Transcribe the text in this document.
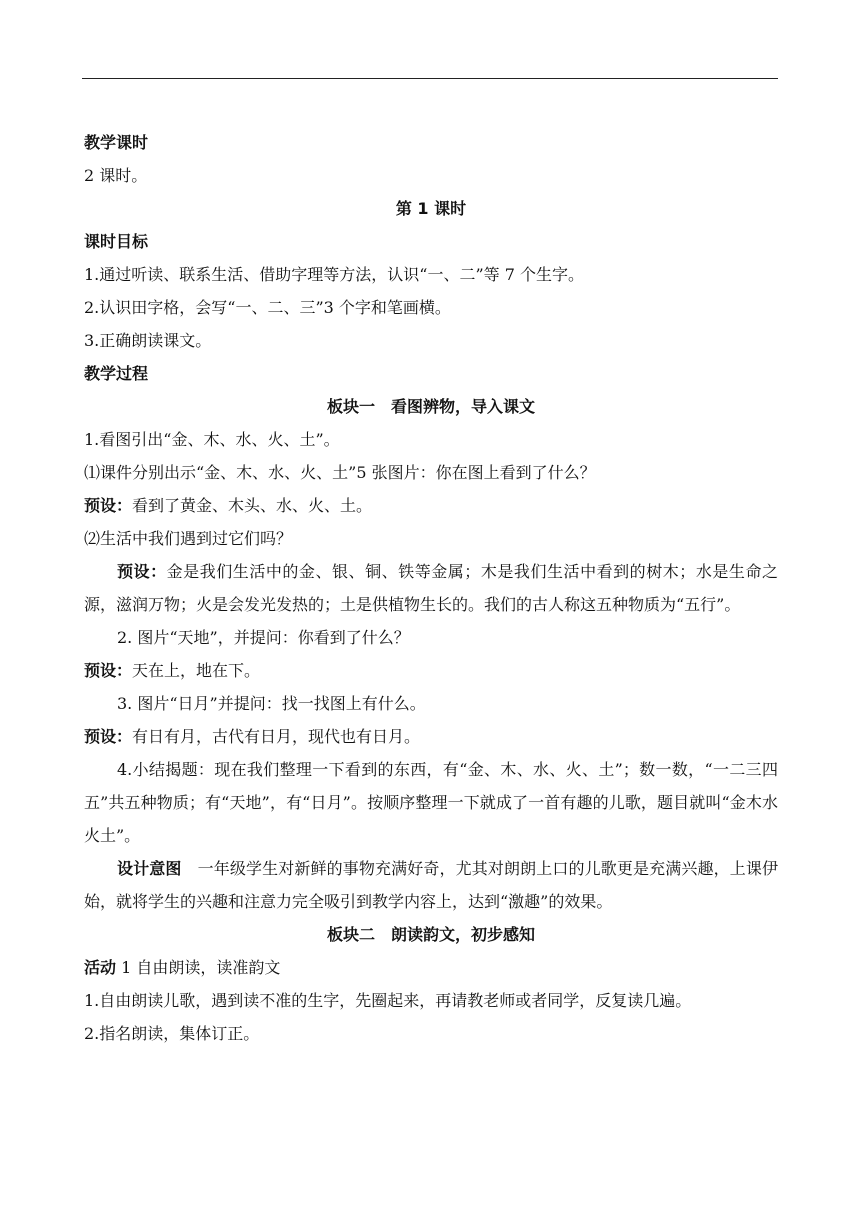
教学课时

2 课时。

第 1 课时

课时目标

1.通过听读、联系生活、借助字理等方法，认识“一、二”等 7 个生字。

2.认识田字格，会写“一、二、三”3 个字和笔画横。

3.正确朗读课文。

教学过程

板块一　看图辨物，导入课文

1.看图引出“金、木、水、火、土”。

⑴课件分别出示“金、木、水、火、土”5 张图片：你在图上看到了什么？

预设：看到了黄金、木头、水、火、土。

⑵生活中我们遇到过它们吗？

预设：金是我们生活中的金、银、铜、铁等金属；木是我们生活中看到的树木；水是生命之源，滋润万物；火是会发光发热的；土是供植物生长的。我们的古人称这五种物质为“五行”。

2. 图片“天地”，并提问：你看到了什么？

预设：天在上，地在下。

3. 图片“日月”并提问：找一找图上有什么。

预设：有日有月，古代有日月，现代也有日月。

4.小结揭题：现在我们整理一下看到的东西，有“金、木、水、火、土”；数一数，“一二三四五”共五种物质；有“天地”，有“日月”。按顺序整理一下就成了一首有趣的儿歌，题目就叫“金木水火土”。

设计意图　一年级学生对新鲜的事物充满好奇，尤其对朗朗上口的儿歌更是充满兴趣，上课伊始，就将学生的兴趣和注意力完全吸引到教学内容上，达到“激趣”的效果。

板块二　朗读韵文，初步感知

活动 1 自由朗读，读准韵文

1.自由朗读儿歌，遇到读不准的生字，先圈起来，再请教老师或者同学，反复读几遍。

2.指名朗读，集体订正。
